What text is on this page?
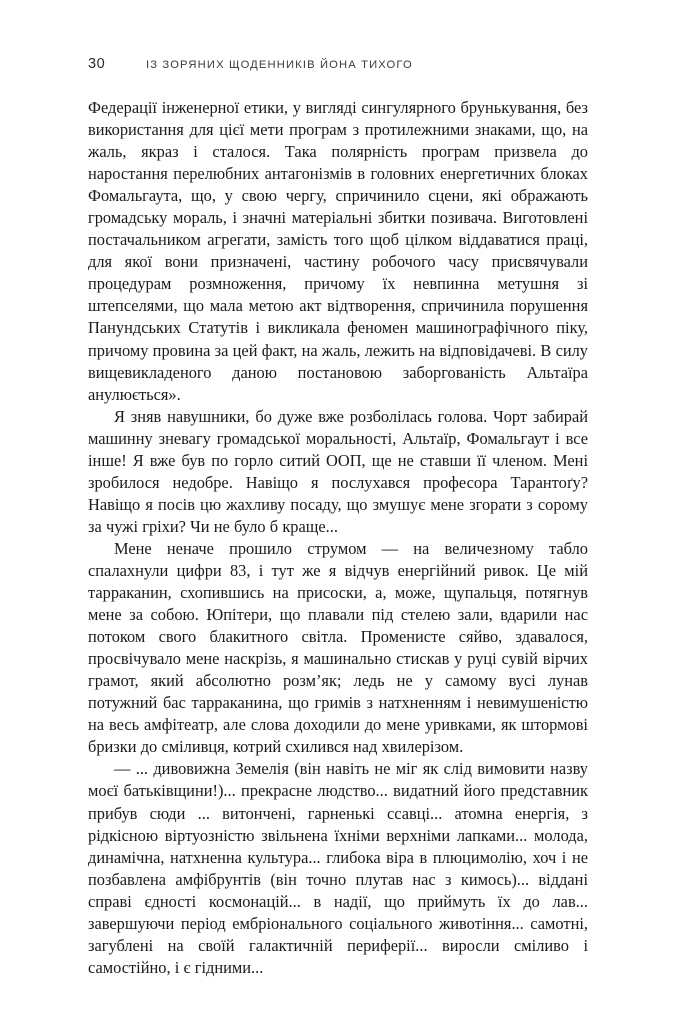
30	ІЗ ЗОРЯНИХ ЩОДЕННИКІВ ЙОНА ТИХОГО

Федерації інженерної етики, у вигляді сингулярного брунькування, без використання для цієї мети програм з протилежними знаками, що, на жаль, якраз і сталося. Така полярність програм призвела до наростання перелюбних антагонізмів в головних енергетичних блоках Фомальгаута, що, у свою чергу, спричинило сцени, які ображають громадську мораль, і значні матеріальні збитки позивача. Виготовлені постачальником агрегати, замість того щоб цілком віддаватися праці, для якої вони призначені, частину робочого часу присвячували процедурам розмноження, причому їх невпинна метушня зі штепселями, що мала метою акт відтворення, спричинила порушення Панундських Статутів і викликала феномен машинографічного піку, причому провина за цей факт, на жаль, лежить на відповідачеві. В силу вищевикладеного даною постановою заборгованість Альтаїра анулюється».

Я зняв навушники, бо дуже вже розболілась голова. Чорт забирай машинну зневагу громадської моральності, Альтаїр, Фомальгаут і все інше! Я вже був по горло ситий ООП, ще не ставши її членом. Мені зробилося недобре. Навіщо я послухався професора Тарантоґу? Навіщо я посів цю жахливу посаду, що змушує мене згорати з сорому за чужі гріхи? Чи не було б краще...

Мене неначе прошило струмом — на величезному табло спалахнули цифри 83, і тут же я відчув енергійний ривок. Це мій тарраканин, схопившись на присоски, а, може, щупальця, потягнув мене за собою. Юпітери, що плавали під стелею зали, вдарили нас потоком свого блакитного світла. Променисте сяйво, здавалося, просвічувало мене наскрізь, я машинально стискав у руці сувій вірчих грамот, який абсолютно розм’як; ледь не у самому вусі лунав потужний бас тарраканина, що гримів з натхненням і невимушеністю на весь амфітеатр, але слова доходили до мене уривками, як штормові бризки до сміливця, котрий схилився над хвилерізом.

— ... дивовижна Земелія (він навіть не міг як слід вимовити назву моєї батьківщини!)... прекрасне людство... видатний його представник прибув сюди ... витончені, гарненькі ссавці... атомна енергія, з рідкісною віртуозністю звільнена їхніми верхніми лапками... молода, динамічна, натхненна культура... глибока віра в плюцимолію, хоч і не позбавлена амфібрунтів (він точно плутав нас з кимось)... віддані справі єдності космонацій... в надії, що приймуть їх до лав... завершуючи період ембріонального соціального животіння... самотні, загублені на своїй галактичній периферії... виросли сміливо і самостійно, і є гідними...
